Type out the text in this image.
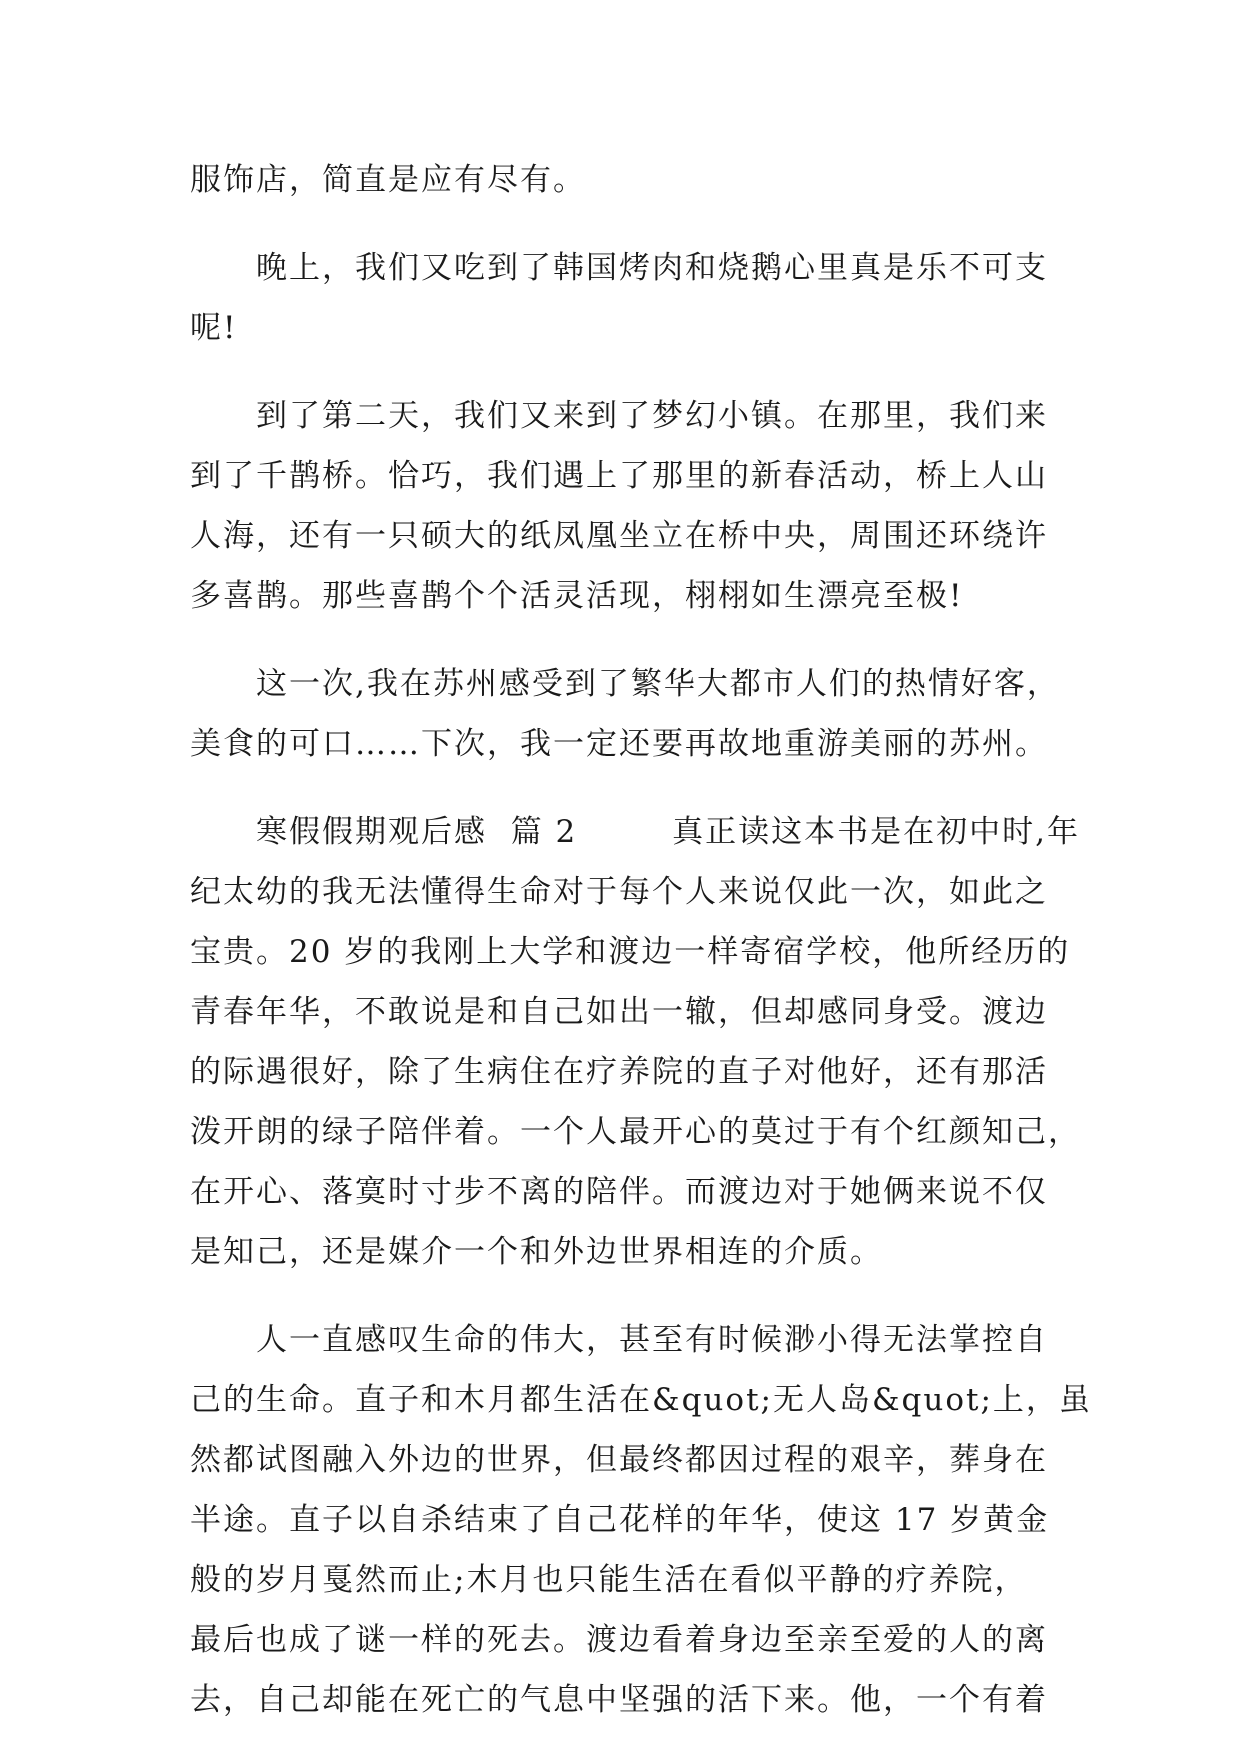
服饰店，简直是应有尽有。
晚上，我们又吃到了韩国烤肉和烧鹅心里真是乐不可支
呢!
到了第二天，我们又来到了梦幻小镇。在那里，我们来
到了千鹊桥。恰巧，我们遇上了那里的新春活动，桥上人山
人海，还有一只硕大的纸凤凰坐立在桥中央，周围还环绕许
多喜鹊。那些喜鹊个个活灵活现，栩栩如生漂亮至极!
这一次,我在苏州感受到了繁华大都市人们的热情好客，
美食的可口……下次，我一定还要再故地重游美丽的苏州。
寒假假期观后感  篇 2        真正读这本书是在初中时,年
纪太幼的我无法懂得生命对于每个人来说仅此一次，如此之
宝贵。20 岁的我刚上大学和渡边一样寄宿学校，他所经历的
青春年华，不敢说是和自己如出一辙，但却感同身受。渡边
的际遇很好，除了生病住在疗养院的直子对他好，还有那活
泼开朗的绿子陪伴着。一个人最开心的莫过于有个红颜知己，
在开心、落寞时寸步不离的陪伴。而渡边对于她俩来说不仅
是知己，还是媒介一个和外边世界相连的介质。
人一直感叹生命的伟大，甚至有时候渺小得无法掌控自
己的生命。直子和木月都生活在&quot;无人岛&quot;上，虽
然都试图融入外边的世界，但最终都因过程的艰辛，葬身在
半途。直子以自杀结束了自己花样的年华，使这 17 岁黄金
般的岁月戛然而止;木月也只能生活在看似平静的疗养院，
最后也成了谜一样的死去。渡边看着身边至亲至爱的人的离
去，自己却能在死亡的气息中坚强的活下来。他，一个有着
